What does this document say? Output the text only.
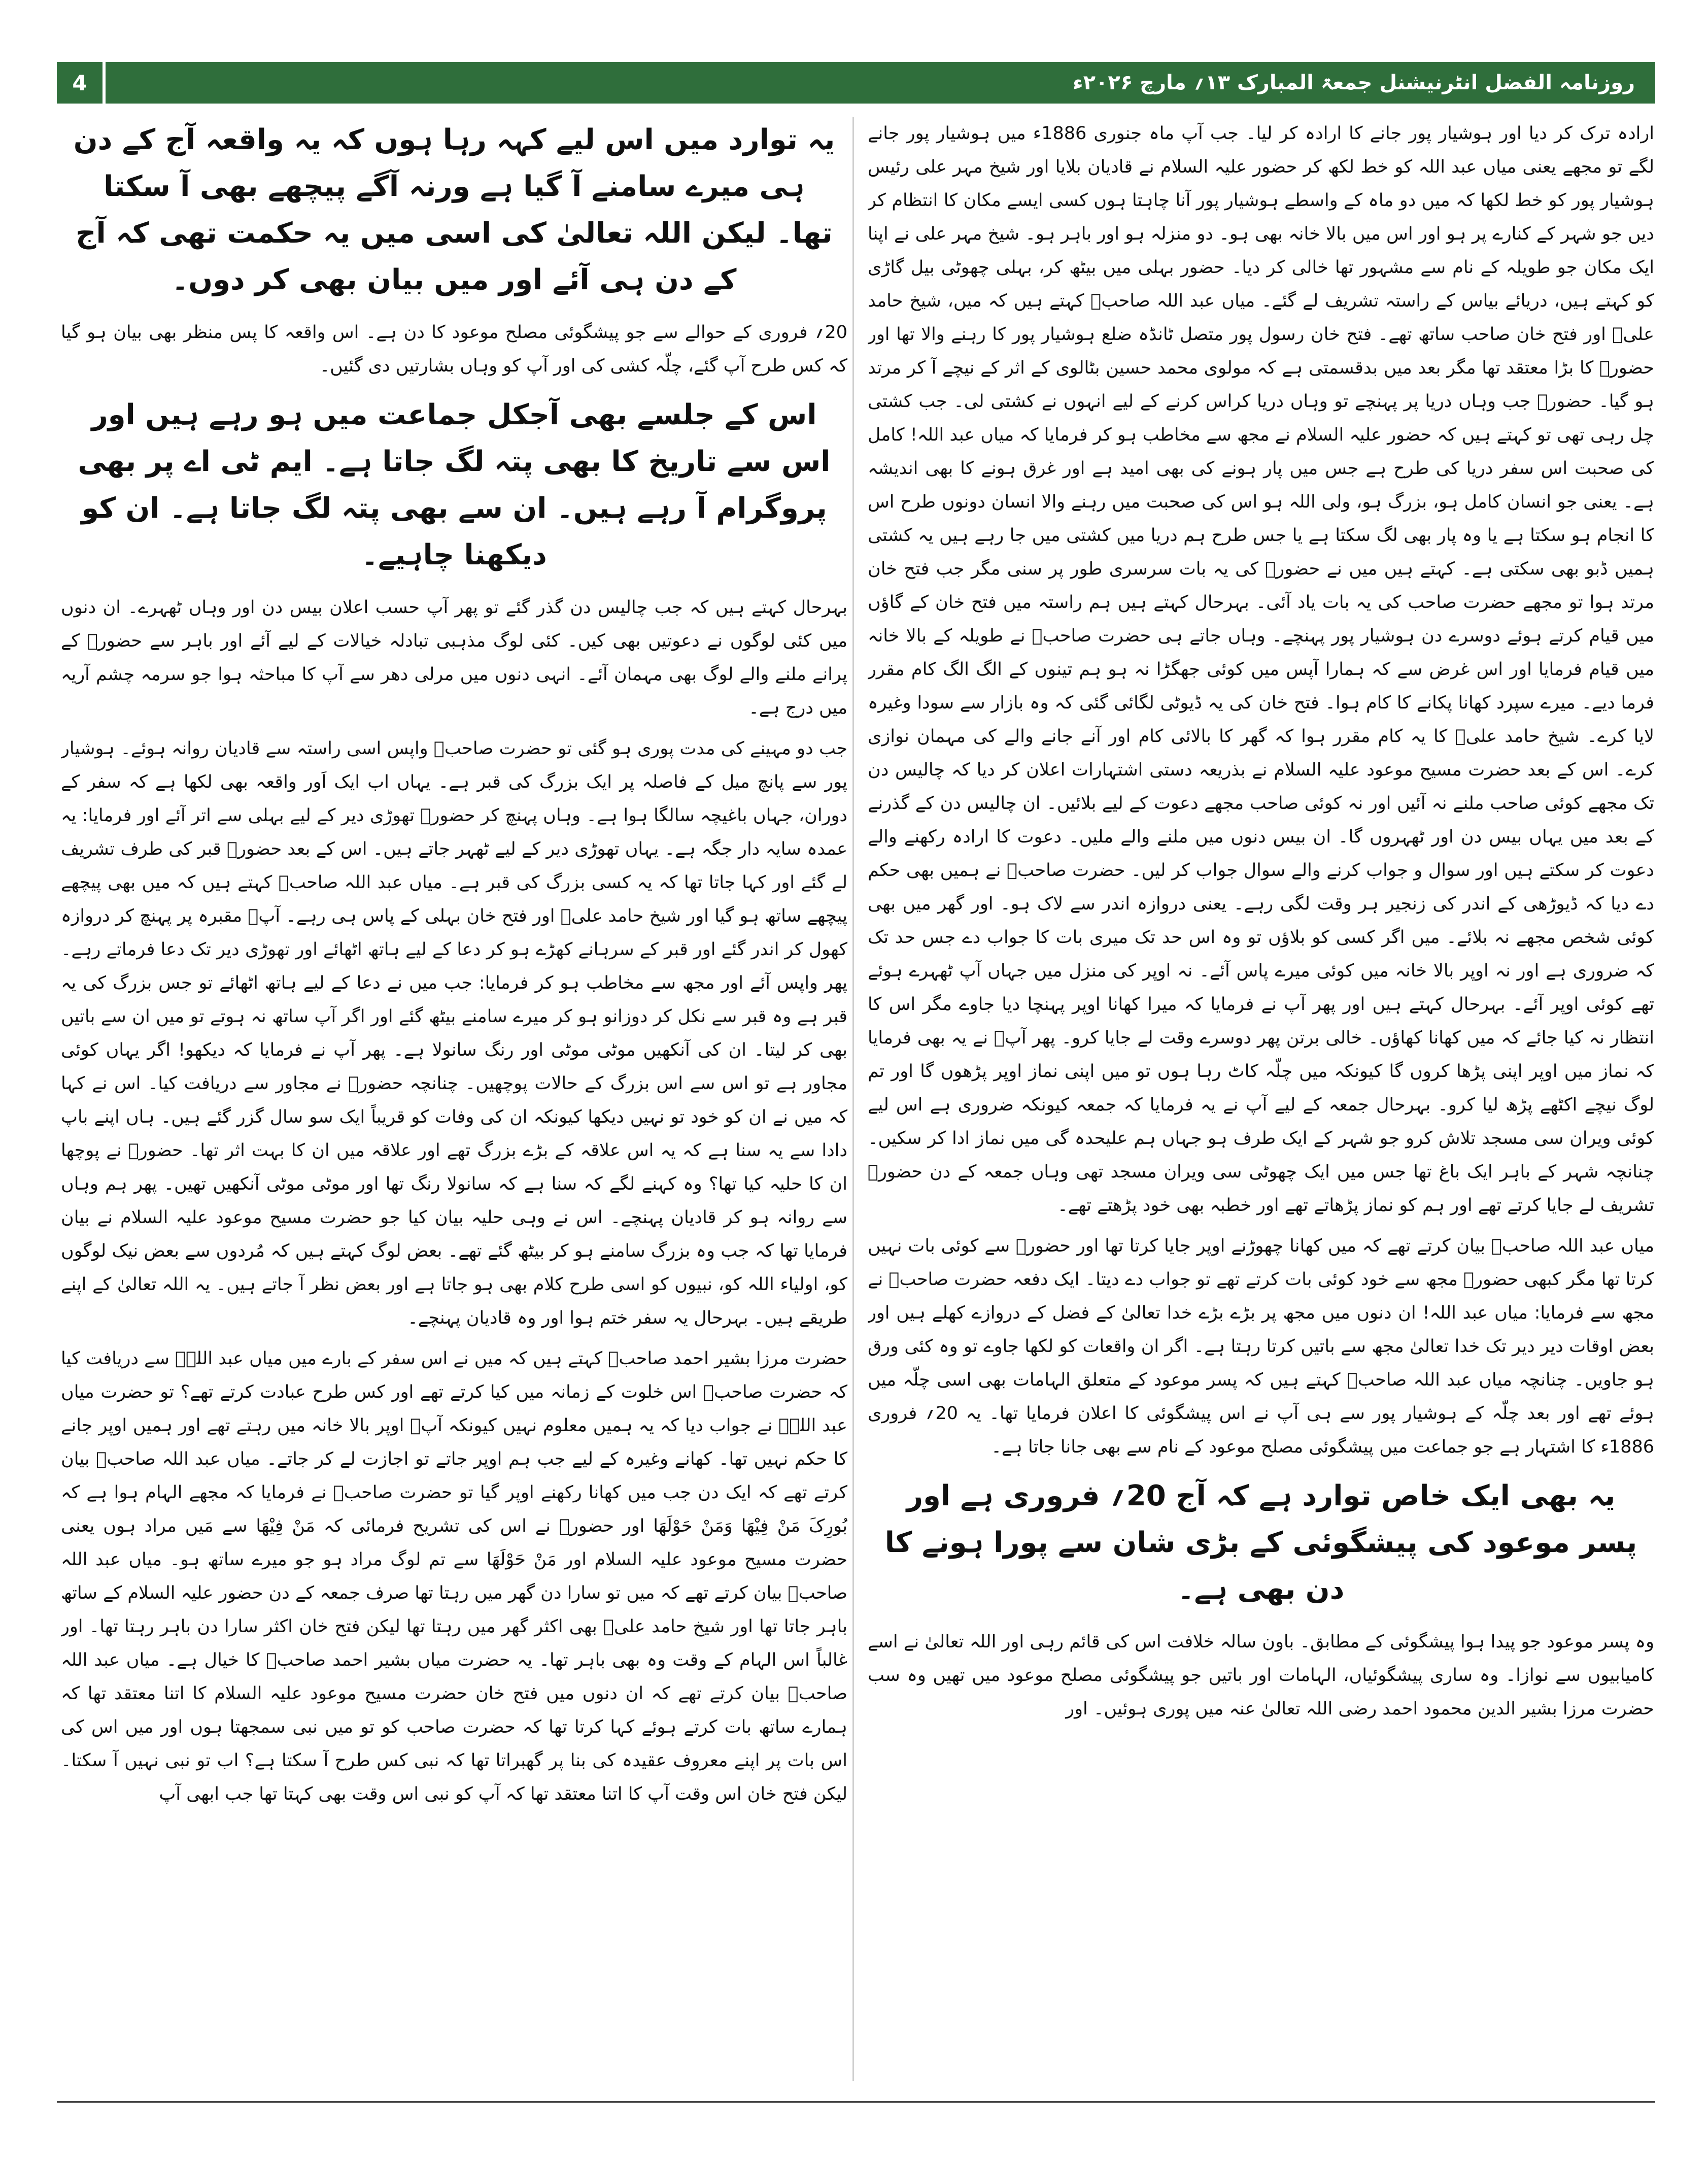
روزنامہ الفضل انٹرنیشنل جمعۃ المبارک ۱۳؍ مارچ ۲۰۲۶ء
4

ارادہ ترک کر دیا اور ہوشیار پور جانے کا ارادہ کر لیا۔ جب آپ ماہ جنوری 1886ء میں ہوشیار پور جانے لگے تو مجھے یعنی میاں عبد اللہ کو خط لکھ کر حضور علیہ السلام نے قادیان بلایا اور شیخ مہر علی رئیس ہوشیار پور کو خط لکھا کہ میں دو ماہ کے واسطے ہوشیار پور آنا چاہتا ہوں کسی ایسے مکان کا انتظام کر دیں جو شہر کے کنارے پر ہو اور اس میں بالا خانہ بھی ہو۔ دو منزلہ ہو اور باہر ہو۔ شیخ مہر علی نے اپنا ایک مکان جو طویلہ کے نام سے مشہور تھا خالی کر دیا۔ حضور بہلی میں بیٹھ کر، بہلی چھوٹی بیل گاڑی کو کہتے ہیں، دریائے بیاس کے راستہ تشریف لے گئے۔ میاں عبد اللہ صاحبؓ کہتے ہیں کہ میں، شیخ حامد علیؓ اور فتح خان صاحب ساتھ تھے۔ فتح خان رسول پور متصل ٹانڈہ ضلع ہوشیار پور کا رہنے والا تھا اور حضورؑ کا بڑا معتقد تھا مگر بعد میں بدقسمتی ہے کہ مولوی محمد حسین بٹالوی کے اثر کے نیچے آ کر مرتد ہو گیا۔ حضورؑ جب وہاں دریا پر پہنچے تو وہاں دریا کراس کرنے کے لیے انہوں نے کشتی لی۔ جب کشتی چل رہی تھی تو کہتے ہیں کہ حضور علیہ السلام نے مجھ سے مخاطب ہو کر فرمایا کہ میاں عبد اللہ! کامل کی صحبت اس سفر دریا کی طرح ہے جس میں پار ہونے کی بھی امید ہے اور غرق ہونے کا بھی اندیشہ ہے۔ یعنی جو انسان کامل ہو، بزرگ ہو، ولی اللہ ہو اس کی صحبت میں رہنے والا انسان دونوں طرح اس کا انجام ہو سکتا ہے یا وہ پار بھی لگ سکتا ہے یا جس طرح ہم دریا میں کشتی میں جا رہے ہیں یہ کشتی ہمیں ڈبو بھی سکتی ہے۔ کہتے ہیں میں نے حضورؑ کی یہ بات سرسری طور پر سنی مگر جب فتح خان مرتد ہوا تو مجھے حضرت صاحب کی یہ بات یاد آئی۔ بہرحال کہتے ہیں ہم راستہ میں فتح خان کے گاؤں میں قیام کرتے ہوئے دوسرے دن ہوشیار پور پہنچے۔ وہاں جاتے ہی حضرت صاحبؑ نے طویلہ کے بالا خانہ میں قیام فرمایا اور اس غرض سے کہ ہمارا آپس میں کوئی جھگڑا نہ ہو ہم تینوں کے الگ الگ کام مقرر فرما دیے۔ میرے سپرد کھانا پکانے کا کام ہوا۔ فتح خان کی یہ ڈیوٹی لگائی گئی کہ وہ بازار سے سودا وغیرہ لایا کرے۔ شیخ حامد علیؓ کا یہ کام مقرر ہوا کہ گھر کا بالائی کام اور آنے جانے والے کی مہمان نوازی کرے۔ اس کے بعد حضرت مسیح موعود علیہ السلام نے بذریعہ دستی اشتہارات اعلان کر دیا کہ چالیس دن تک مجھے کوئی صاحب ملنے نہ آئیں اور نہ کوئی صاحب مجھے دعوت کے لیے بلائیں۔ ان چالیس دن کے گذرنے کے بعد میں یہاں بیس دن اور ٹھہروں گا۔ ان بیس دنوں میں ملنے والے ملیں۔ دعوت کا ارادہ رکھنے والے دعوت کر سکتے ہیں اور سوال و جواب کرنے والے سوال جواب کر لیں۔ حضرت صاحبؑ نے ہمیں بھی حکم دے دیا کہ ڈیوڑھی کے اندر کی زنجیر ہر وقت لگی رہے۔ یعنی دروازہ اندر سے لاک ہو۔ اور گھر میں بھی کوئی شخص مجھے نہ بلائے۔ میں اگر کسی کو بلاؤں تو وہ اس حد تک میری بات کا جواب دے جس حد تک کہ ضروری ہے اور نہ اوپر بالا خانہ میں کوئی میرے پاس آئے۔ نہ اوپر کی منزل میں جہاں آپ ٹھہرے ہوئے تھے کوئی اوپر آئے۔ بہرحال کہتے ہیں اور پھر آپ نے فرمایا کہ میرا کھانا اوپر پہنچا دیا جاوے مگر اس کا انتظار نہ کیا جائے کہ میں کھانا کھاؤں۔ خالی برتن پھر دوسرے وقت لے جایا کرو۔ پھر آپؑ نے یہ بھی فرمایا کہ نماز میں اوپر اپنی پڑھا کروں گا کیونکہ میں چلّہ کاٹ رہا ہوں تو میں اپنی نماز اوپر پڑھوں گا اور تم لوگ نیچے اکٹھے پڑھ لیا کرو۔ بہرحال جمعہ کے لیے آپ نے یہ فرمایا کہ جمعہ کیونکہ ضروری ہے اس لیے کوئی ویران سی مسجد تلاش کرو جو شہر کے ایک طرف ہو جہاں ہم علیحدہ گی میں نماز ادا کر سکیں۔ چنانچہ شہر کے باہر ایک باغ تھا جس میں ایک چھوٹی سی ویران مسجد تھی وہاں جمعہ کے دن حضورؑ تشریف لے جایا کرتے تھے اور ہم کو نماز پڑھاتے تھے اور خطبہ بھی خود پڑھتے تھے۔

میاں عبد اللہ صاحبؓ بیان کرتے تھے کہ میں کھانا چھوڑنے اوپر جایا کرتا تھا اور حضورؑ سے کوئی بات نہیں کرتا تھا مگر کبھی حضورؑ مجھ سے خود کوئی بات کرتے تھے تو جواب دے دیتا۔ ایک دفعہ حضرت صاحبؑ نے مجھ سے فرمایا: میاں عبد اللہ! ان دنوں میں مجھ پر بڑے بڑے خدا تعالیٰ کے فضل کے دروازے کھلے ہیں اور بعض اوقات دیر دیر تک خدا تعالیٰ مجھ سے باتیں کرتا رہتا ہے۔ اگر ان واقعات کو لکھا جاوے تو وہ کئی ورق ہو جاویں۔ چنانچہ میاں عبد اللہ صاحبؓ کہتے ہیں کہ پسر موعود کے متعلق الہامات بھی اسی چلّہ میں ہوئے تھے اور بعد چلّہ کے ہوشیار پور سے ہی آپ نے اس پیشگوئی کا اعلان فرمایا تھا۔ یہ 20؍ فروری 1886ء کا اشتہار ہے جو جماعت میں پیشگوئی مصلح موعود کے نام سے بھی جانا جاتا ہے۔

یہ بھی ایک خاص توارد ہے کہ آج 20؍ فروری ہے اور پسر موعود کی پیشگوئی کے بڑی شان سے پورا ہونے کا دن بھی ہے۔

وہ پسر موعود جو پیدا ہوا پیشگوئی کے مطابق۔ باون سالہ خلافت اس کی قائم رہی اور اللہ تعالیٰ نے اسے کامیابیوں سے نوازا۔ وہ ساری پیشگوئیاں، الہامات اور باتیں جو پیشگوئی مصلح موعود میں تھیں وہ سب حضرت مرزا بشیر الدین محمود احمد رضی اللہ تعالیٰ عنہ میں پوری ہوئیں۔ اور

یہ توارد میں اس لیے کہہ رہا ہوں کہ یہ واقعہ آج کے دن ہی میرے سامنے آ گیا ہے ورنہ آگے پیچھے بھی آ سکتا تھا۔ لیکن اللہ تعالیٰ کی اسی میں یہ حکمت تھی کہ آج کے دن ہی آئے اور میں بیان بھی کر دوں۔

20؍ فروری کے حوالے سے جو پیشگوئی مصلح موعود کا دن ہے۔ اس واقعہ کا پس منظر بھی بیان ہو گیا کہ کس طرح آپ گئے، چلّہ کشی کی اور آپ کو وہاں بشارتیں دی گئیں۔

اس کے جلسے بھی آجکل جماعت میں ہو رہے ہیں اور اس سے تاریخ کا بھی پتہ لگ جاتا ہے۔ ایم ٹی اے پر بھی پروگرام آ رہے ہیں۔ ان سے بھی پتہ لگ جاتا ہے۔ ان کو دیکھنا چاہیے۔

بہرحال کہتے ہیں کہ جب چالیس دن گذر گئے تو پھر آپ حسب اعلان بیس دن اور وہاں ٹھہرے۔ ان دنوں میں کئی لوگوں نے دعوتیں بھی کیں۔ کئی لوگ مذہبی تبادلہ خیالات کے لیے آئے اور باہر سے حضورؑ کے پرانے ملنے والے لوگ بھی مہمان آئے۔ انہی دنوں میں مرلی دھر سے آپ کا مباحثہ ہوا جو سرمہ چشم آریہ میں درج ہے۔

جب دو مہینے کی مدت پوری ہو گئی تو حضرت صاحبؑ واپس اسی راستہ سے قادیان روانہ ہوئے۔ ہوشیار پور سے پانچ میل کے فاصلہ پر ایک بزرگ کی قبر ہے۔ یہاں اب ایک اَور واقعہ بھی لکھا ہے کہ سفر کے دوران، جہاں باغیچہ سالگا ہوا ہے۔ وہاں پہنچ کر حضورؑ تھوڑی دیر کے لیے بہلی سے اتر آئے اور فرمایا: یہ عمدہ سایہ دار جگہ ہے۔ یہاں تھوڑی دیر کے لیے ٹھہر جاتے ہیں۔ اس کے بعد حضورؑ قبر کی طرف تشریف لے گئے اور کہا جاتا تھا کہ یہ کسی بزرگ کی قبر ہے۔ میاں عبد اللہ صاحبؓ کہتے ہیں کہ میں بھی پیچھے پیچھے ساتھ ہو گیا اور شیخ حامد علیؓ اور فتح خان بہلی کے پاس ہی رہے۔ آپؑ مقبرہ پر پہنچ کر دروازہ کھول کر اندر گئے اور قبر کے سرہانے کھڑے ہو کر دعا کے لیے ہاتھ اٹھائے اور تھوڑی دیر تک دعا فرماتے رہے۔ پھر واپس آئے اور مجھ سے مخاطب ہو کر فرمایا: جب میں نے دعا کے لیے ہاتھ اٹھائے تو جس بزرگ کی یہ قبر ہے وہ قبر سے نکل کر دوزانو ہو کر میرے سامنے بیٹھ گئے اور اگر آپ ساتھ نہ ہوتے تو میں ان سے باتیں بھی کر لیتا۔ ان کی آنکھیں موٹی موٹی اور رنگ سانولا ہے۔ پھر آپ نے فرمایا کہ دیکھو! اگر یہاں کوئی مجاور ہے تو اس سے اس بزرگ کے حالات پوچھیں۔ چنانچہ حضورؑ نے مجاور سے دریافت کیا۔ اس نے کہا کہ میں نے ان کو خود تو نہیں دیکھا کیونکہ ان کی وفات کو قریباً ایک سو سال گزر گئے ہیں۔ ہاں اپنے باپ دادا سے یہ سنا ہے کہ یہ اس علاقہ کے بڑے بزرگ تھے اور علاقہ میں ان کا بہت اثر تھا۔ حضورؑ نے پوچھا ان کا حلیہ کیا تھا؟ وہ کہنے لگے کہ سنا ہے کہ سانولا رنگ تھا اور موٹی موٹی آنکھیں تھیں۔ پھر ہم وہاں سے روانہ ہو کر قادیان پہنچے۔ اس نے وہی حلیہ بیان کیا جو حضرت مسیح موعود علیہ السلام نے بیان فرمایا تھا کہ جب وہ بزرگ سامنے ہو کر بیٹھ گئے تھے۔ بعض لوگ کہتے ہیں کہ مُردوں سے بعض نیک لوگوں کو، اولیاء اللہ کو، نبیوں کو اسی طرح کلام بھی ہو جاتا ہے اور بعض نظر آ جاتے ہیں۔ یہ اللہ تعالیٰ کے اپنے طریقے ہیں۔ بہرحال یہ سفر ختم ہوا اور وہ قادیان پہنچے۔

حضرت مرزا بشیر احمد صاحبؓ کہتے ہیں کہ میں نے اس سفر کے بارے میں میاں عبد اللہؓ سے دریافت کیا کہ حضرت صاحبؑ اس خلوت کے زمانہ میں کیا کرتے تھے اور کس طرح عبادت کرتے تھے؟ تو حضرت میاں عبد اللہؓ نے جواب دیا کہ یہ ہمیں معلوم نہیں کیونکہ آپؑ اوپر بالا خانہ میں رہتے تھے اور ہمیں اوپر جانے کا حکم نہیں تھا۔ کھانے وغیرہ کے لیے جب ہم اوپر جاتے تو اجازت لے کر جاتے۔ میاں عبد اللہ صاحبؓ بیان کرتے تھے کہ ایک دن جب میں کھانا رکھنے اوپر گیا تو حضرت صاحبؑ نے فرمایا کہ مجھے الہام ہوا ہے کہ بُورِکَ مَنْ فِیْھَا وَمَنْ حَوْلَھَا اور حضورؑ نے اس کی تشریح فرمائی کہ مَنْ فِیْھَا سے مَیں مراد ہوں یعنی حضرت مسیح موعود علیہ السلام اور مَنْ حَوْلَھَا سے تم لوگ مراد ہو جو میرے ساتھ ہو۔ میاں عبد اللہ صاحبؓ بیان کرتے تھے کہ میں تو سارا دن گھر میں رہتا تھا صرف جمعہ کے دن حضور علیہ السلام کے ساتھ باہر جاتا تھا اور شیخ حامد علیؓ بھی اکثر گھر میں رہتا تھا لیکن فتح خان اکثر سارا دن باہر رہتا تھا۔ اور غالباً اس الہام کے وقت وہ بھی باہر تھا۔ یہ حضرت میاں بشیر احمد صاحبؓ کا خیال ہے۔ میاں عبد اللہ صاحبؓ بیان کرتے تھے کہ ان دنوں میں فتح خان حضرت مسیح موعود علیہ السلام کا اتنا معتقد تھا کہ ہمارے ساتھ بات کرتے ہوئے کہا کرتا تھا کہ حضرت صاحب کو تو میں نبی سمجھتا ہوں اور میں اس کی اس بات پر اپنے معروف عقیدہ کی بنا پر گھبراتا تھا کہ نبی کس طرح آ سکتا ہے؟ اب تو نبی نہیں آ سکتا۔ لیکن فتح خان اس وقت آپ کا اتنا معتقد تھا کہ آپ کو نبی اس وقت بھی کہتا تھا جب ابھی آپ
